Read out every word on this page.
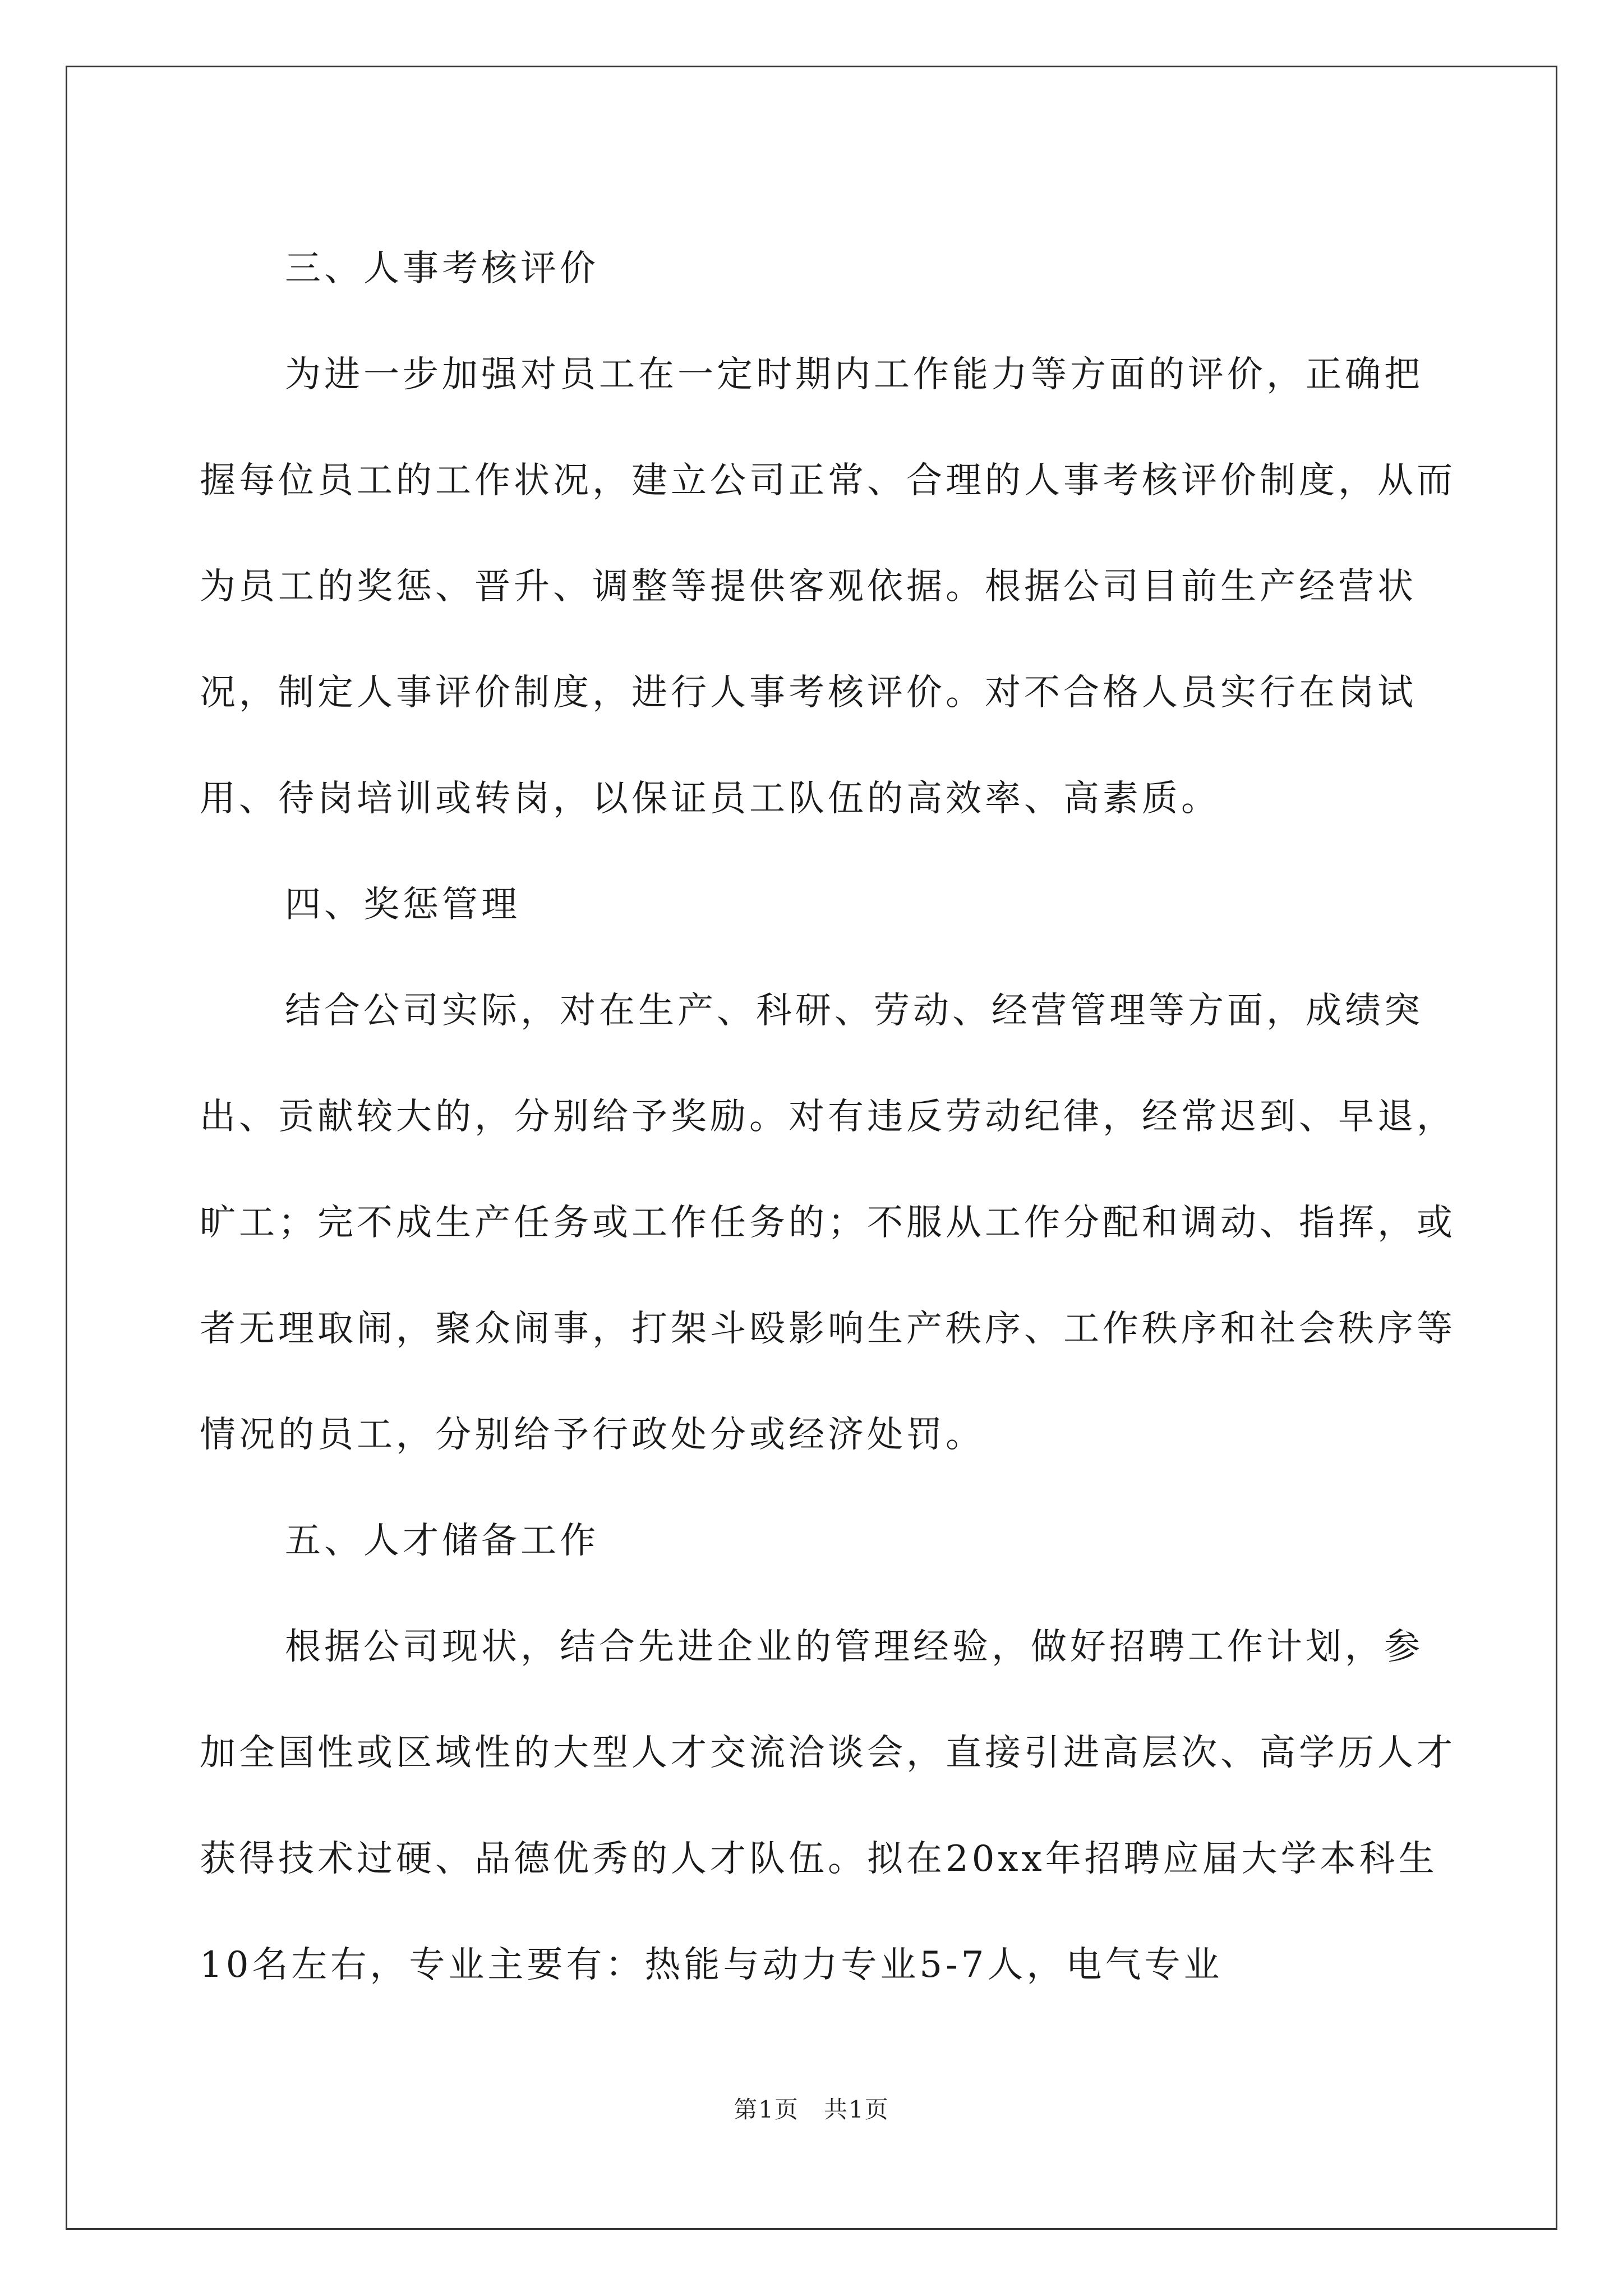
三、人事考核评价

为进一步加强对员工在一定时期内工作能力等方面的评价，正确把握每位员工的工作状况，建立公司正常、合理的人事考核评价制度，从而为员工的奖惩、晋升、调整等提供客观依据。根据公司目前生产经营状况，制定人事评价制度，进行人事考核评价。对不合格人员实行在岗试用、待岗培训或转岗，以保证员工队伍的高效率、高素质。

四、奖惩管理

结合公司实际，对在生产、科研、劳动、经营管理等方面，成绩突出、贡献较大的，分别给予奖励。对有违反劳动纪律，经常迟到、早退，旷工；完不成生产任务或工作任务的；不服从工作分配和调动、指挥，或者无理取闹，聚众闹事，打架斗殴影响生产秩序、工作秩序和社会秩序等情况的员工，分别给予行政处分或经济处罚。

五、人才储备工作

根据公司现状，结合先进企业的管理经验，做好招聘工作计划，参加全国性或区域性的大型人才交流洽谈会，直接引进高层次、高学历人才获得技术过硬、品德优秀的人才队伍。拟在20xx年招聘应届大学本科生10名左右，专业主要有：热能与动力专业5-7人，电气专业

第1页　共1页
